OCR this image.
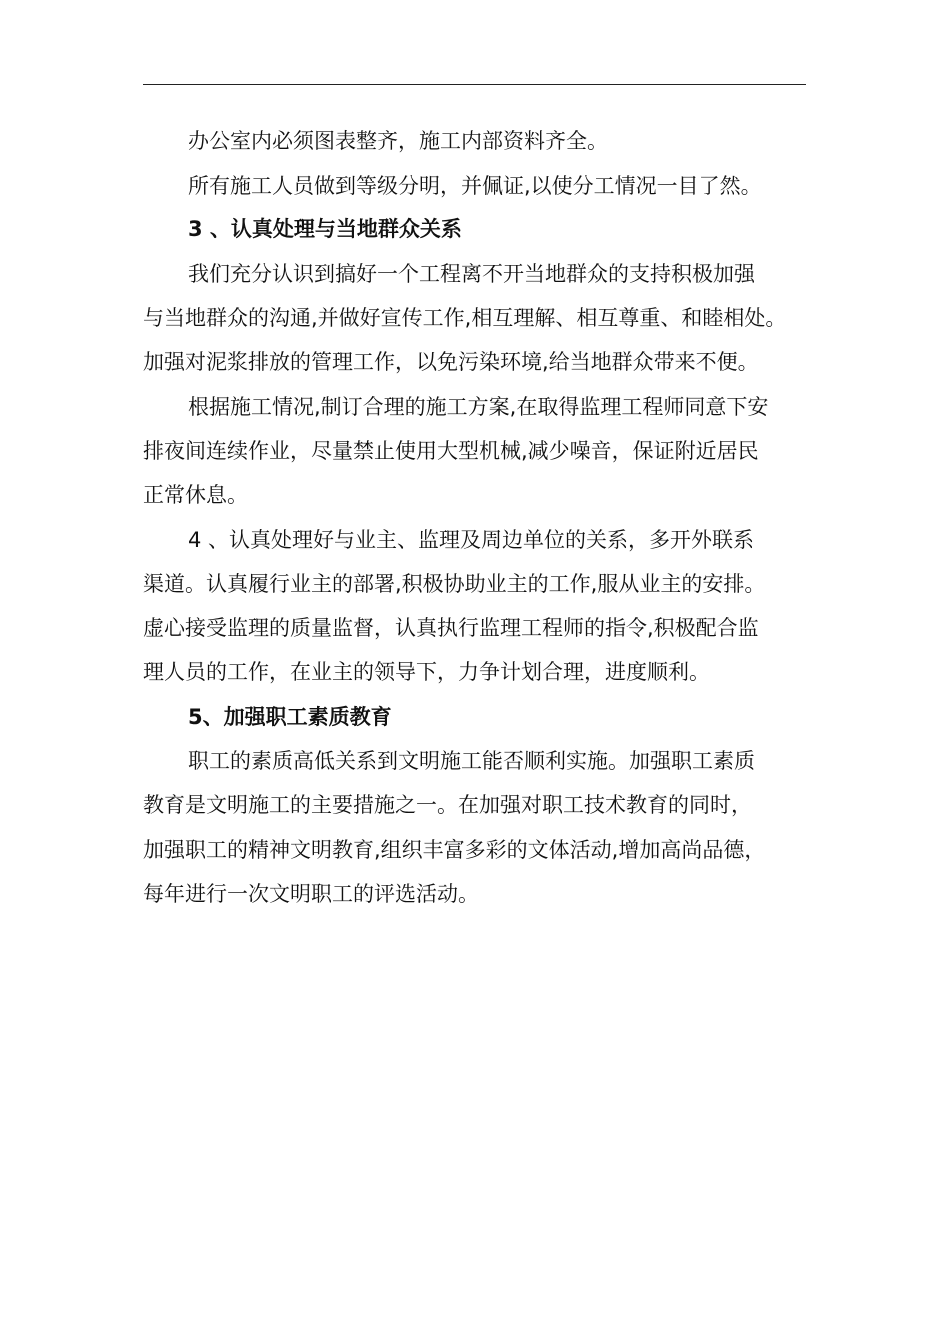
办公室内必须图表整齐，施工内部资料齐全。
所有施工人员做到等级分明，并佩证,以使分工情况一目了然。
3 、认真处理与当地群众关系
我们充分认识到搞好一个工程离不开当地群众的支持积极加强
与当地群众的沟通,并做好宣传工作,相互理解、相互尊重、和睦相处。
加强对泥浆排放的管理工作，以免污染环境,给当地群众带来不便。
根据施工情况,制订合理的施工方案,在取得监理工程师同意下安
排夜间连续作业，尽量禁止使用大型机械,减少噪音，保证附近居民
正常休息。
4 、认真处理好与业主、监理及周边单位的关系，多开外联系
渠道。认真履行业主的部署,积极协助业主的工作,服从业主的安排。
虚心接受监理的质量监督，认真执行监理工程师的指令,积极配合监
理人员的工作，在业主的领导下，力争计划合理，进度顺利。
5、加强职工素质教育
职工的素质高低关系到文明施工能否顺利实施。加强职工素质
教育是文明施工的主要措施之一。在加强对职工技术教育的同时，
加强职工的精神文明教育,组织丰富多彩的文体活动,增加高尚品德，
每年进行一次文明职工的评选活动。
